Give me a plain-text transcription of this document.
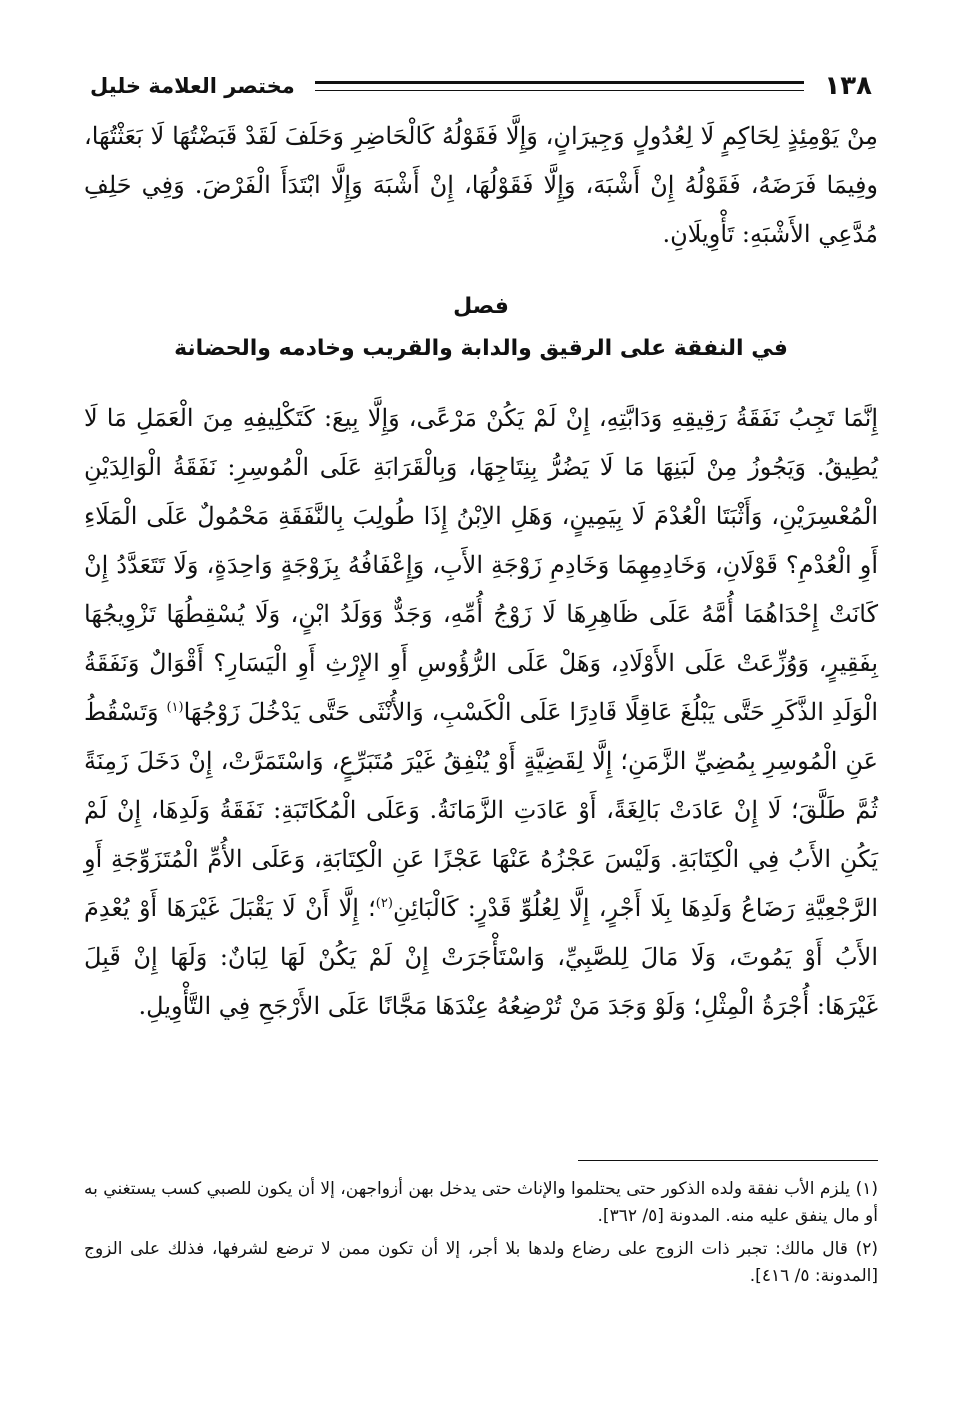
١٣٨
مختصر العلامة خليل

مِنْ يَوْمِئِذٍ لِحَاكِمٍ لَا لِعُدُولٍ وَجِيرَانٍ، وَإِلَّا فَقَوْلُهُ كَالْحَاضِرِ وَحَلَفَ لَقَدْ قَبَضْتُهَا لَا بَعَثْتُهَا، وفِيمَا فَرَضَهُ، فَقَوْلُهُ إِنْ أَشْبَهَ، وَإِلَّا فَقَوْلُهَا، إِنْ أَشْبَهَ وَإِلَّا ابْتَدَأَ الْفَرْضَ. وَفِي حَلِفِ مُدَّعِي الأَشْبَهِ: تَأْوِيلَانِ.

فصل
في النفقة على الرقيق والدابة والقريب وخادمه والحضانة

إِنَّمَا تَجِبُ نَفَقَةُ رَقِيقِهِ وَدَابَّتِهِ، إِنْ لَمْ يَكُنْ مَرْعًى، وَإِلَّا بِيعَ: كَتَكْلِيفِهِ مِنَ الْعَمَلِ مَا لَا يُطِيقُ. وَيَجُوزُ مِنْ لَبَنِهَا مَا لَا يَضُرُّ بِنِتَاجِهَا، وَبِالْقَرَابَةِ عَلَى الْمُوسِرِ: نَفَقَةُ الْوَالِدَيْنِ الْمُعْسِرَيْنِ، وَأَثْبَتَا الْعُدْمَ لَا بِيَمِينٍ، وَهَلِ الاِبْنُ إِذَا طُولِبَ بِالنَّفَقَةِ مَحْمُولٌ عَلَى الْمَلَاءِ أَوِ الْعُدْمِ؟ قَوْلَانِ، وَخَادِمِهِمَا وَخَادِمِ زَوْجَةِ الأَبِ، وَإِعْفَافُهُ بِزَوْجَةٍ وَاحِدَةٍ، وَلَا تَتَعَدَّدُ إِنْ كَانَتْ إِحْدَاهُمَا أُمَّهُ عَلَى ظَاهِرِهَا لَا زَوْجُ أُمِّهِ، وَجَدٌّ وَوَلَدُ ابْنٍ، وَلَا يُسْقِطُهَا تَزْوِيجُهَا بِفَقِيرٍ، وَوُزِّعَتْ عَلَى الأَوْلَادِ، وَهَلْ عَلَى الرُّؤُوسِ أَوِ الإِرْثِ أَوِ الْيَسَارِ؟ أَقْوَالٌ وَنَفَقَةُ الْوَلَدِ الذَّكَرِ حَتَّى يَبْلُغَ عَاقِلًا قَادِرًا عَلَى الْكَسْبِ، وَالأُنْثَى حَتَّى يَدْخُلَ زَوْجُهَا$^{(١)}$ وَتَسْقُطُ عَنِ الْمُوسِرِ بِمُضِيِّ الزَّمَنِ؛ إِلَّا لِقَضِيَّةٍ أَوْ يُنْفِقُ غَيْرَ مُتَبَرِّعٍ، وَاسْتَمَرَّتْ، إِنْ دَخَلَ زَمِنَةً ثُمَّ طَلَّقَ؛ لَا إِنْ عَادَتْ بَالِغَةً، أَوْ عَادَتِ الزَّمَانَةُ. وَعَلَى الْمُكَاتَبَةِ: نَفَقَةُ وَلَدِهَا، إِنْ لَمْ يَكُنِ الأَبُ فِي الْكِتَابَةِ. وَلَيْسَ عَجْزُهُ عَنْهَا عَجْزًا عَنِ الْكِتَابَةِ، وَعَلَى الأُمِّ الْمُتَزَوِّجَةِ أَوِ الرَّجْعِيَّةِ رَضَاعُ وَلَدِهَا بِلَا أَجْرٍ، إِلَّا لِعُلُوِّ قَدْرٍ: كَالْبَائِنِ$^{(٢)}$؛ إِلَّا أَنْ لَا يَقْبَلَ غَيْرَهَا أَوْ يُعْدِمَ الأَبُ أَوْ يَمُوتَ، وَلَا مَالَ لِلصَّبِيِّ، وَاسْتَأْجَرَتْ إِنْ لَمْ يَكُنْ لَهَا لِبَانٌ: وَلَهَا إِنْ قَبِلَ غَيْرَهَا: أُجْرَةُ الْمِثْلِ؛ وَلَوْ وَجَدَ مَنْ تُرْضِعُهُ عِنْدَهَا مَجَّانًا عَلَى الأَرْجَحِ فِي التَّأْوِيلِ.

(١) يلزم الأب نفقة ولده الذكور حتى يحتلموا والإناث حتى يدخل بهن أزواجهن، إلا أن يكون للصبي كسب يستغني به أو مال ينفق عليه منه. المدونة [٥/ ٣٦٢].

(٢) قال مالك: تجبر ذات الزوج على رضاع ولدها بلا أجر، إلا أن تكون ممن لا ترضع لشرفها، فذلك على الزوج [المدونة: ٥/ ٤١٦].
